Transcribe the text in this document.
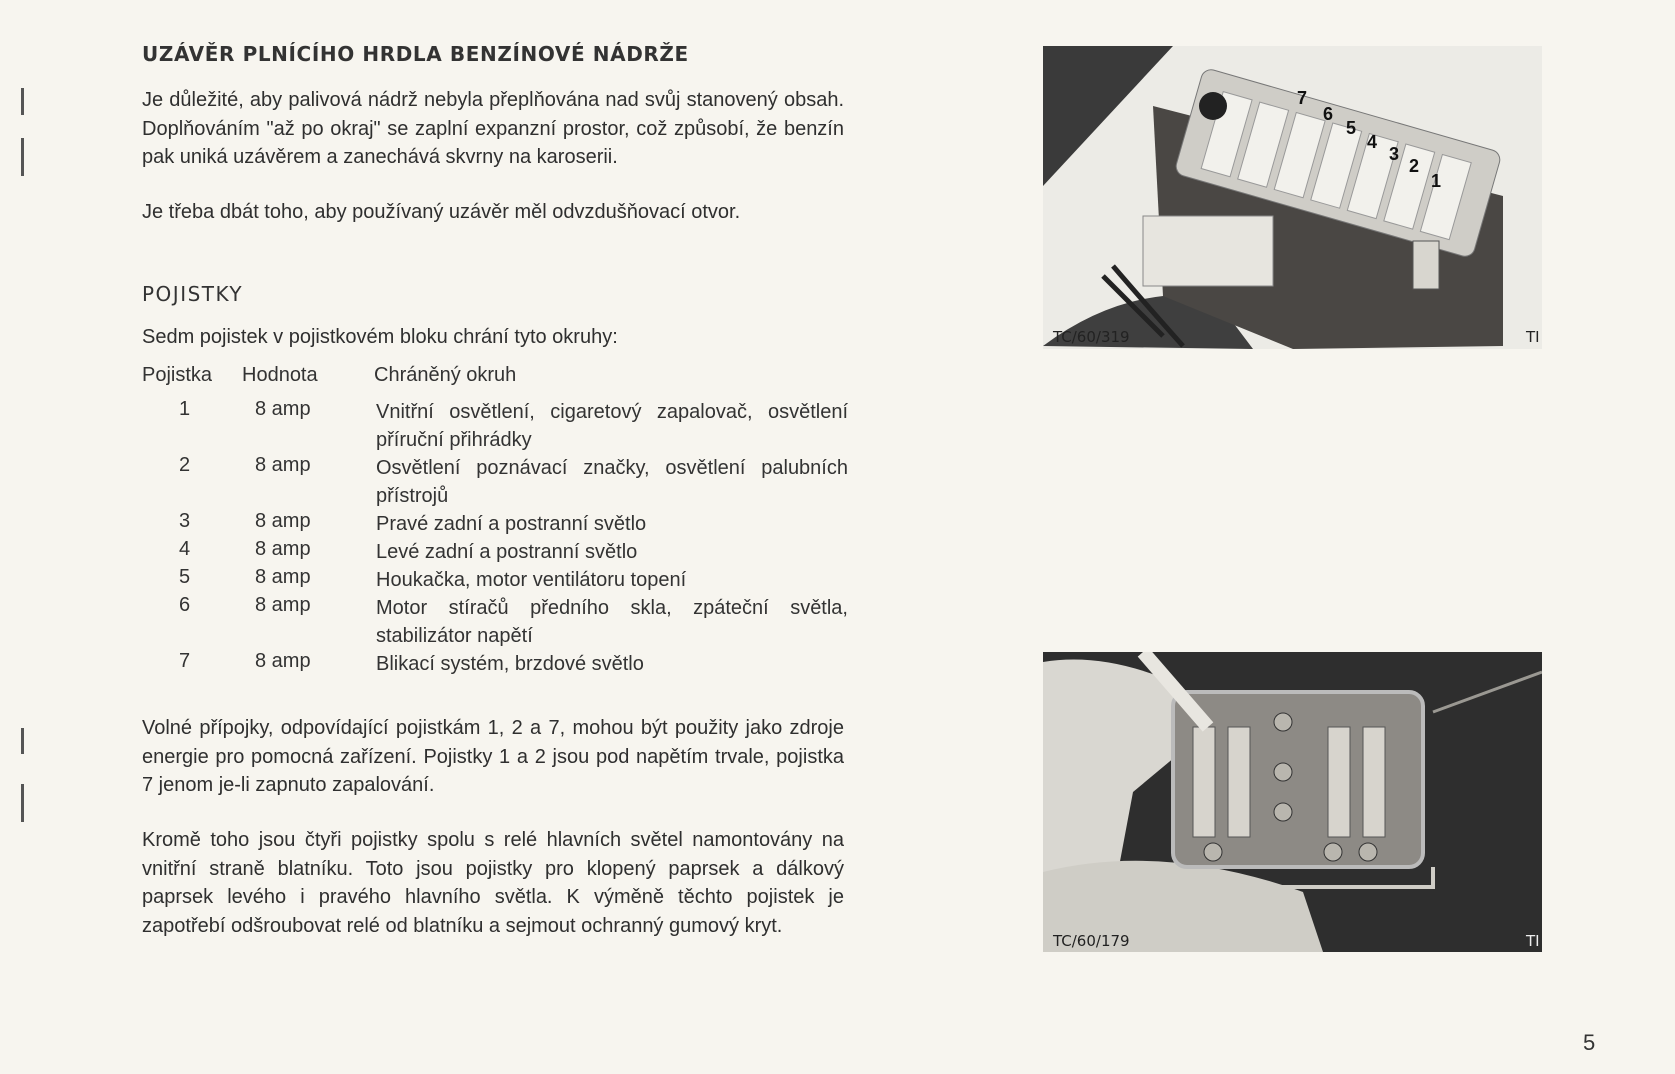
UZÁVĚR PLNÍCÍHO HRDLA BENZÍNOVÉ NÁDRŽE

Je důležité, aby palivová nádrž nebyla přeplňována nad svůj stanovený obsah. Doplňováním "až po okraj" se zaplní expanzní prostor, což způsobí, že benzín pak uniká uzávěrem a zanechává skvrny na karoserii.

Je třeba dbát toho, aby používaný uzávěr měl odvzdušňovací otvor.

POJISTKY

Sedm pojistek v pojistkovém bloku chrání tyto okruhy:

Pojistka Hodnota	Chráněný okruh
1	8 amp	Vnitřní osvětlení, cigaretový zapalovač, osvětlení příruční přihrádky
2	8 amp	Osvětlení poznávací značky, osvětlení palubních přístrojů
3	8 amp	Pravé zadní a postranní světlo
4	8 amp	Levé zadní a postranní světlo
5	8 amp	Houkačka, motor ventilátoru topení
6	8 amp	Motor stíračů předního skla, zpáteční světla, stabilizátor napětí
7	8 amp	Blikací systém, brzdové světlo

Volné přípojky, odpovídající pojistkám 1, 2 a 7, mohou být použity jako zdroje energie pro pomocná zařízení. Pojistky 1 a 2 jsou pod napětím trvale, pojistka 7 jenom je-li zapnuto zapalování.

Kromě toho jsou čtyři pojistky spolu s relé hlavních světel namontovány na vnitřní straně blatníku. Toto jsou pojistky pro klopený paprsek a dálkový paprsek levého i pravého hlavního světla. K výměně těchto pojistek je zapotřebí odšroubovat relé od blatníku a sejmout ochranný gumový kryt.

7
6
5
4
3
2
1
TC/60/319	TI
TC/60/179	TI
5
